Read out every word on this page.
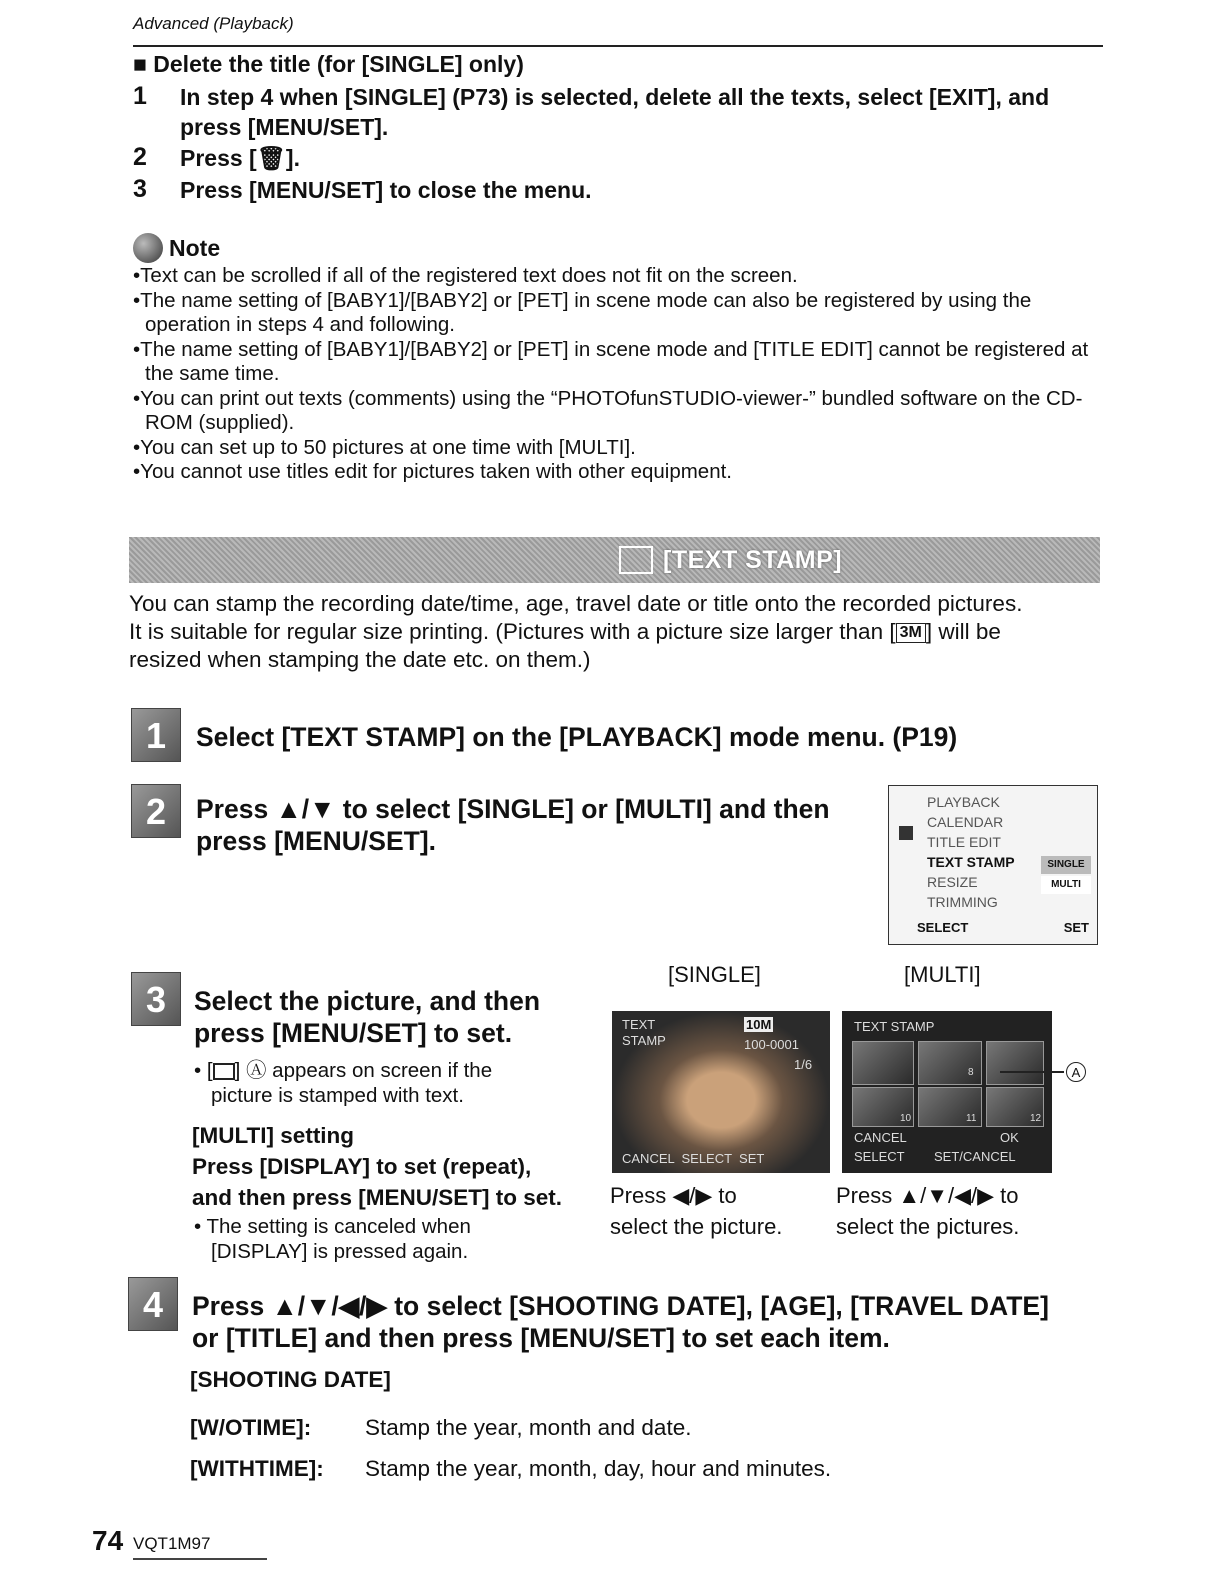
Advanced (Playback)
■ Delete the title (for [SINGLE] only)
1	In step 4 when [SINGLE] (P73) is selected, delete all the texts, select [EXIT], and press [MENU/SET].
2	Press [🗑].
3	Press [MENU/SET] to close the menu.
Note
•Text can be scrolled if all of the registered text does not fit on the screen.
•The name setting of [BABY1]/[BABY2] or [PET] in scene mode can also be registered by using the operation in steps 4 and following.
•The name setting of [BABY1]/[BABY2] or [PET] in scene mode and [TITLE EDIT] cannot be registered at the same time.
•You can print out texts (comments) using the “PHOTOfunSTUDIO-viewer-” bundled software on the CD-ROM (supplied).
•You can set up to 50 pictures at one time with [MULTI].
•You cannot use titles edit for pictures taken with other equipment.
[TEXT STAMP]
You can stamp the recording date/time, age, travel date or title onto the recorded pictures.
It is suitable for regular size printing. (Pictures with a picture size larger than [ 3M ] will be
resized when stamping the date etc. on them.)
1	Select [TEXT STAMP] on the [PLAYBACK] mode menu. (P19)
2	Press ▲/▼ to select [SINGLE] or [MULTI] and then
press [MENU/SET].
PLAYBACK
CALENDAR
TITLE EDIT
TEXT STAMP
RESIZE
TRIMMING
SINGLE
MULTI
SELECT	SET
3	Select the picture, and then
press [MENU/SET] to set.
• [ ] Ⓐ appears on screen if the
picture is stamped with text.
[MULTI] setting
Press [DISPLAY] to set (repeat),
and then press [MENU/SET] to set.
• The setting is canceled when
[DISPLAY] is pressed again.
[SINGLE]
TEXT STAMP
10M
100-0001
1/6
CANCEL  SELECT  SET
Press ◀/▶ to
select the picture.
[MULTI]
TEXT STAMP
8
10	11	12
CANCEL	OK
SELECT SET/CANCEL
A
Press ▲/▼/◀/▶ to
select the pictures.
4	Press ▲/▼/◀/▶ to select [SHOOTING DATE], [AGE], [TRAVEL DATE]
or [TITLE] and then press [MENU/SET] to set each item.
[SHOOTING DATE]
[W/OTIME]: Stamp the year, month and date.
[WITHTIME]: Stamp the year, month, day, hour and minutes.
74 VQT1M97
